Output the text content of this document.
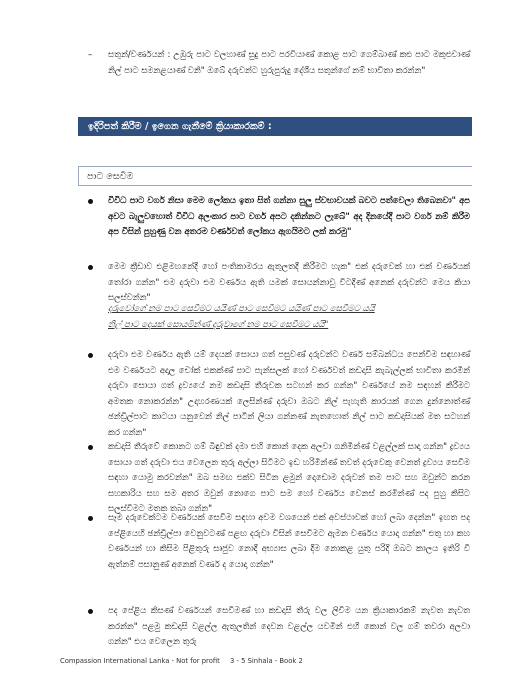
– සතුන්/වර්ණයන් : උඹුරු පාට වලහාණ් සුදු පාට පරවියාණ් කොළ පාට ගෙම්බාණ් කළු පාට මකුළුවාණ් නිල් පාට සමනළයාණ් වනි" ඔබේ දරුවන්ට හුරුපුරුදු දේශීය සතුන්ගේ නම් භාවිතා කරන්න"
ඉදිරිපත් කිරීම / ඉගෙන ගැනීමේ ක්‍රියාකාරකම් :
පාට සෙවීම
විවිධ පාට වර්ග නිසා මෙම ලෝකය ඉතා සිත් ගන්නා සුලු ස්වභාවයක් බවට පත්වෙලා තිබෙනවා" අප අවට බැලුවහොත් විවිධ අලංකාර පාට වර්ග අපට දකින්නට ලැබේ" අද දිනයේදී පාට වර්ග නම් කිරීම අප විසින් පුහුණු වන අතරම වර්ණවත් ලෝකය ඇගයිමට ලක් කරමු"
මෙම ක්‍රීඩාව එළිමහනේදී හෝ පංතිකාමරය ඇතුලතදී කිරීමට හැක" එක් දරුවෙක් හා එක් වර්ණයක් තෝරා ගන්න" එම දරුවා එම වර්ණය ඇති යමක් සොයන්නාවු විටදීණ් අනෙක් දරුවන්ට මෙය කියා සලස්වන්න"
දරුවෝගේ නම පාට සෙවීමට යයිණ් පාට සෙවීමට යයිණ් පාට සෙවීමට යයි
නිල් පාට දෙයක් සොයමින්ණ් දරුවාගේ නම පාට සෙවීමට යයි"
දරුවා එම වර්ණය ඇති යම් දෙයක් සොයා ගත් පසුවණ් දරුවන්ට වර්ණ සම්බන්ධය පෙන්වීම සඳහාණ් එම වර්ණයට අදාල චෝක් එකක්ණ් පාට පැන්සලක් හෝ වර්ණවත් කඩදාසි කැබැල්ලක් භාවිතා කරමින් දරුවා සොයා ගත් ද්‍රව්‍යයේ නම කඩදාසි තීරුවක සටහන් කර ගන්න" වර්ණයේ නම සඳහන් කිරීමට අමතක නොකරන්න" උදාහරණයක් ලෙසින්ණ් දරුවා ඔබට නිල් පැහැති කාරයක් ගෙන දුන්නොත්ණ් ඡන්ඩ්‍රිල්පාට කාටයා යනුවෙන් නිල් පාටින් ලියා ගන්නණ් නැතහොත් නිල් පාට කඩදාසියක් මත සටහන් කර ගන්න"
කඩදාසි තීරුවේ කොනට ගම් බිඳුවක් දමා එහි කොන් දෙක අලවා ගනිමින්ණ් වළල්ලක් සාදා ගන්න" ද්‍රව්‍යය සොයා ගත් දරුවා එය වෙලෙන තුරු අල්ලා සිටීමට ඉඩ හරිමින්ණ් තවත් දරුවෙකු වෙනත් ද්‍රව්‍යය සෙවීම සඳහා යොමු කරවන්න" ඔබ සමඟ එක්ව සිටින ළමුන් දොඩොම දරුවන් තම පාට සහ ඔවුන්ට කරන සහකාරිය සහ සම අතර ඔවුන් නොගෙ පාට සම හෝ වර්ණය වෙනස් කරමින්ණ් පද පුහු කිසිට සලස්වීමට මතක තබා ගන්න"
සෑම දරුවෙක්ටම වර්ණයක් සෙවීම සඳහා අවම වශයෙන් එක් අවස්ථාවක් හෝ ලබා දෙන්න" ඉහත පද පේළියෙහි ඡන්ඩ්‍රිල්පා වෙනුවටණ් පළඟ දරුවා විසින් සෙවිමට ඇමන වර්ණය යොදා ගන්න" එතු හා කහ වර්ණයන් හා කිසිම පිළිතුරු සෘජුව නොදී අභ්‍යාස ලබා දීම නොකළ යුතු පරිදි ඔබට කාලය ඉතිරි වී ඇත්නම් පසානුණ් අනෙක් වර්ණ ද යොදා ගන්න"
පද පේළිය කිසණ් වර්ණයන් සෙවීමණ් හා කඩදාසි තීරු වල ලිවීම යන ක්‍රියාකාරකම් නැවත නැවත කරන්න" පළමු කඩදාසි වළල්ල ඇතුලතින් දෙවන වළල්ල යවමින් එහි කොන් වල ගම් තවරා අලවා ගන්න" එය වෙලෙන තුරු
Compassion International Lanka - Not for profit 3 - 5 Sinhala - Book 2
